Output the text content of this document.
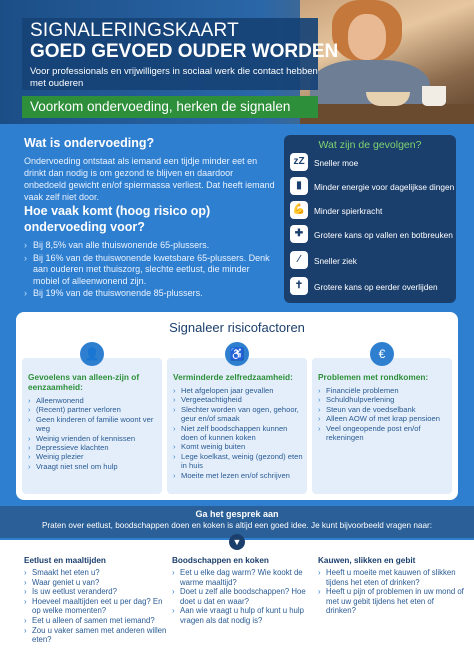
SIGNALERINGSKAART
GOED GEVOED OUDER WORDEN
Voor professionals en vrijwilligers in sociaal werk die contact hebben met ouderen
Voorkom ondervoeding, herken de signalen
Wat is ondervoeding?
Ondervoeding ontstaat als iemand een tijdje minder eet en drinkt dan nodig is om gezond te blijven en daardoor onbedoeld gewicht en/of spiermassa verliest. Dat heeft iemand vaak zelf niet door.
Hoe vaak komt (hoog risico op) ondervoeding voor?
› Bij 8,5% van alle thuiswonende 65-plussers.
› Bij 16% van de thuiswonende kwetsbare 65-plussers. Denk aan ouderen met thuiszorg, slechte eetlust, die minder mobiel of alleenwonend zijn.
› Bij 19% van de thuiswonende 85-plussers.
Wat zijn de gevolgen?
zZ	Sneller moe
▮	Minder energie voor dagelijkse dingen
💪	Minder spierkracht
✚	Grotere kans op vallen en botbreuken
⁄	Sneller ziek
✝	Grotere kans op eerder overlijden
Signaleer risicofactoren
👤
Gevoelens van alleen-zijn of eenzaamheid:
› Alleenwonend
› (Recent) partner verloren
› Geen kinderen of familie woont ver weg
› Weinig vrienden of kennissen
› Depressieve klachten
› Weinig plezier
› Vraagt niet snel om hulp
♿
Verminderde zelfredzaamheid:
› Het afgelopen jaar gevallen
› Vergeetachtigheid
› Slechter worden van ogen, gehoor, geur en/of smaak
› Niet zelf boodschappen kunnen doen of kunnen koken
› Komt weinig buiten
› Lege koelkast, weinig (gezond) eten in huis
› Moeite met lezen en/of schrijven
€
Problemen met rondkomen:
› Financiële problemen
› Schuldhulpverlening
› Steun van de voedselbank
› Alleen AOW of met krap pensioen
› Veel ongeopende post en/of rekeningen
Ga het gesprek aan
Praten over eetlust, boodschappen doen en koken is altijd een goed idee. Je kunt bijvoorbeeld vragen naar:
Eetlust en maaltijden
› Smaakt het eten u?
› Waar geniet u van?
› Is uw eetlust veranderd?
› Hoeveel maaltijden eet u per dag? En op welke momenten?
› Eet u alleen of samen met iemand?
› Zou u vaker samen met anderen willen eten?
Boodschappen en koken
› Eet u elke dag warm? Wie kookt de warme maaltijd?
› Doet u zelf alle boodschappen? Hoe doet u dat en waar?
› Aan wie vraagt u hulp of kunt u hulp vragen als dat nodig is?
Kauwen, slikken en gebit
› Heeft u moeite met kauwen of slikken tijdens het eten of drinken?
› Heeft u pijn of problemen in uw mond of met uw gebit tijdens het eten of drinken?
▼
